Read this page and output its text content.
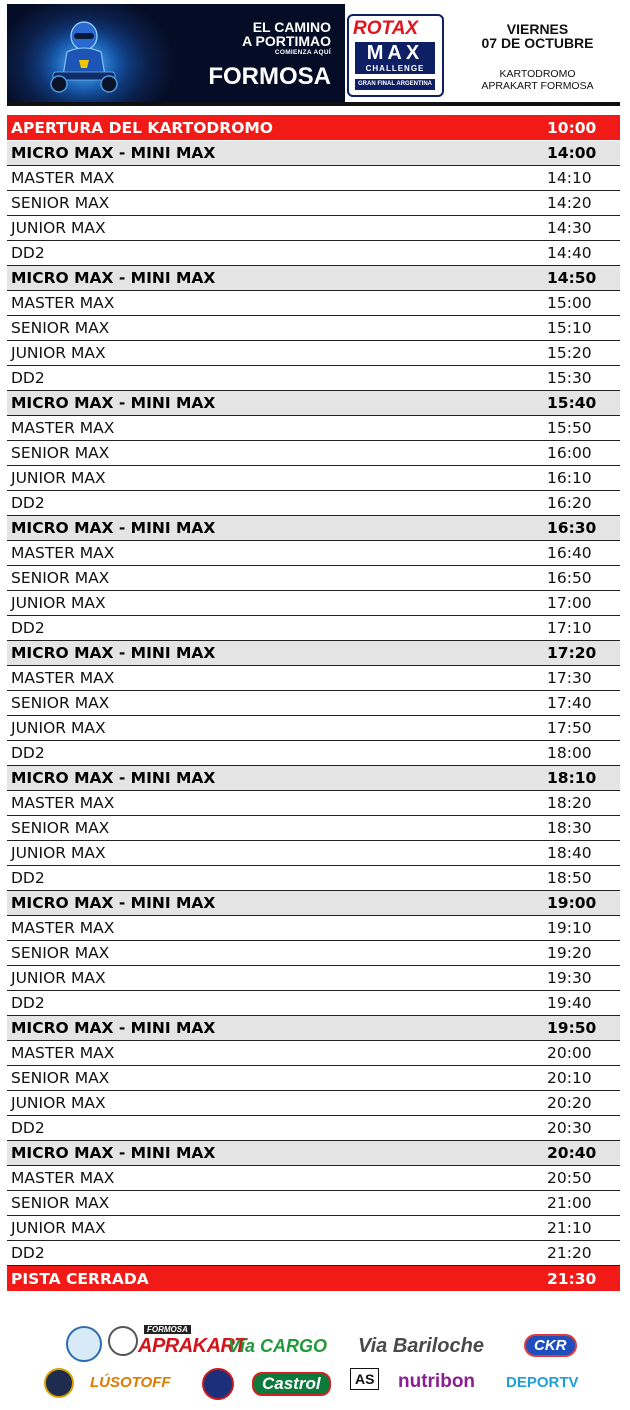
EL CAMINO
A PORTIMAO
COMIENZA AQUÍ
FORMOSA
ROTAX
MAX
CHALLENGE
GRAN FINAL ARGENTINA
VIERNES
07 DE OCTUBRE
KARTODROMO
APRAKART FORMOSA
APERTURA DEL KARTODROMO	10:00
MICRO MAX - MINI MAX	14:00
MASTER MAX	14:10
SENIOR MAX	14:20
JUNIOR MAX	14:30
DD2	14:40
MICRO MAX - MINI MAX	14:50
MASTER MAX	15:00
SENIOR MAX	15:10
JUNIOR MAX	15:20
DD2	15:30
MICRO MAX - MINI MAX	15:40
MASTER MAX	15:50
SENIOR MAX	16:00
JUNIOR MAX	16:10
DD2	16:20
MICRO MAX - MINI MAX	16:30
MASTER MAX	16:40
SENIOR MAX	16:50
JUNIOR MAX	17:00
DD2	17:10
MICRO MAX - MINI MAX	17:20
MASTER MAX	17:30
SENIOR MAX	17:40
JUNIOR MAX	17:50
DD2	18:00
MICRO MAX - MINI MAX	18:10
MASTER MAX	18:20
SENIOR MAX	18:30
JUNIOR MAX	18:40
DD2	18:50
MICRO MAX - MINI MAX	19:00
MASTER MAX	19:10
SENIOR MAX	19:20
JUNIOR MAX	19:30
DD2	19:40
MICRO MAX - MINI MAX	19:50
MASTER MAX	20:00
SENIOR MAX	20:10
JUNIOR MAX	20:20
DD2	20:30
MICRO MAX - MINI MAX	20:40
MASTER MAX	20:50
SENIOR MAX	21:00
JUNIOR MAX	21:10
DD2	21:20
PISTA CERRADA	21:30
FORMOSA
APRAKART
Vía CARGO Via Bariloche	CKR
LÚSOTOFF	Castrol	AS nutribon DEPORTV
